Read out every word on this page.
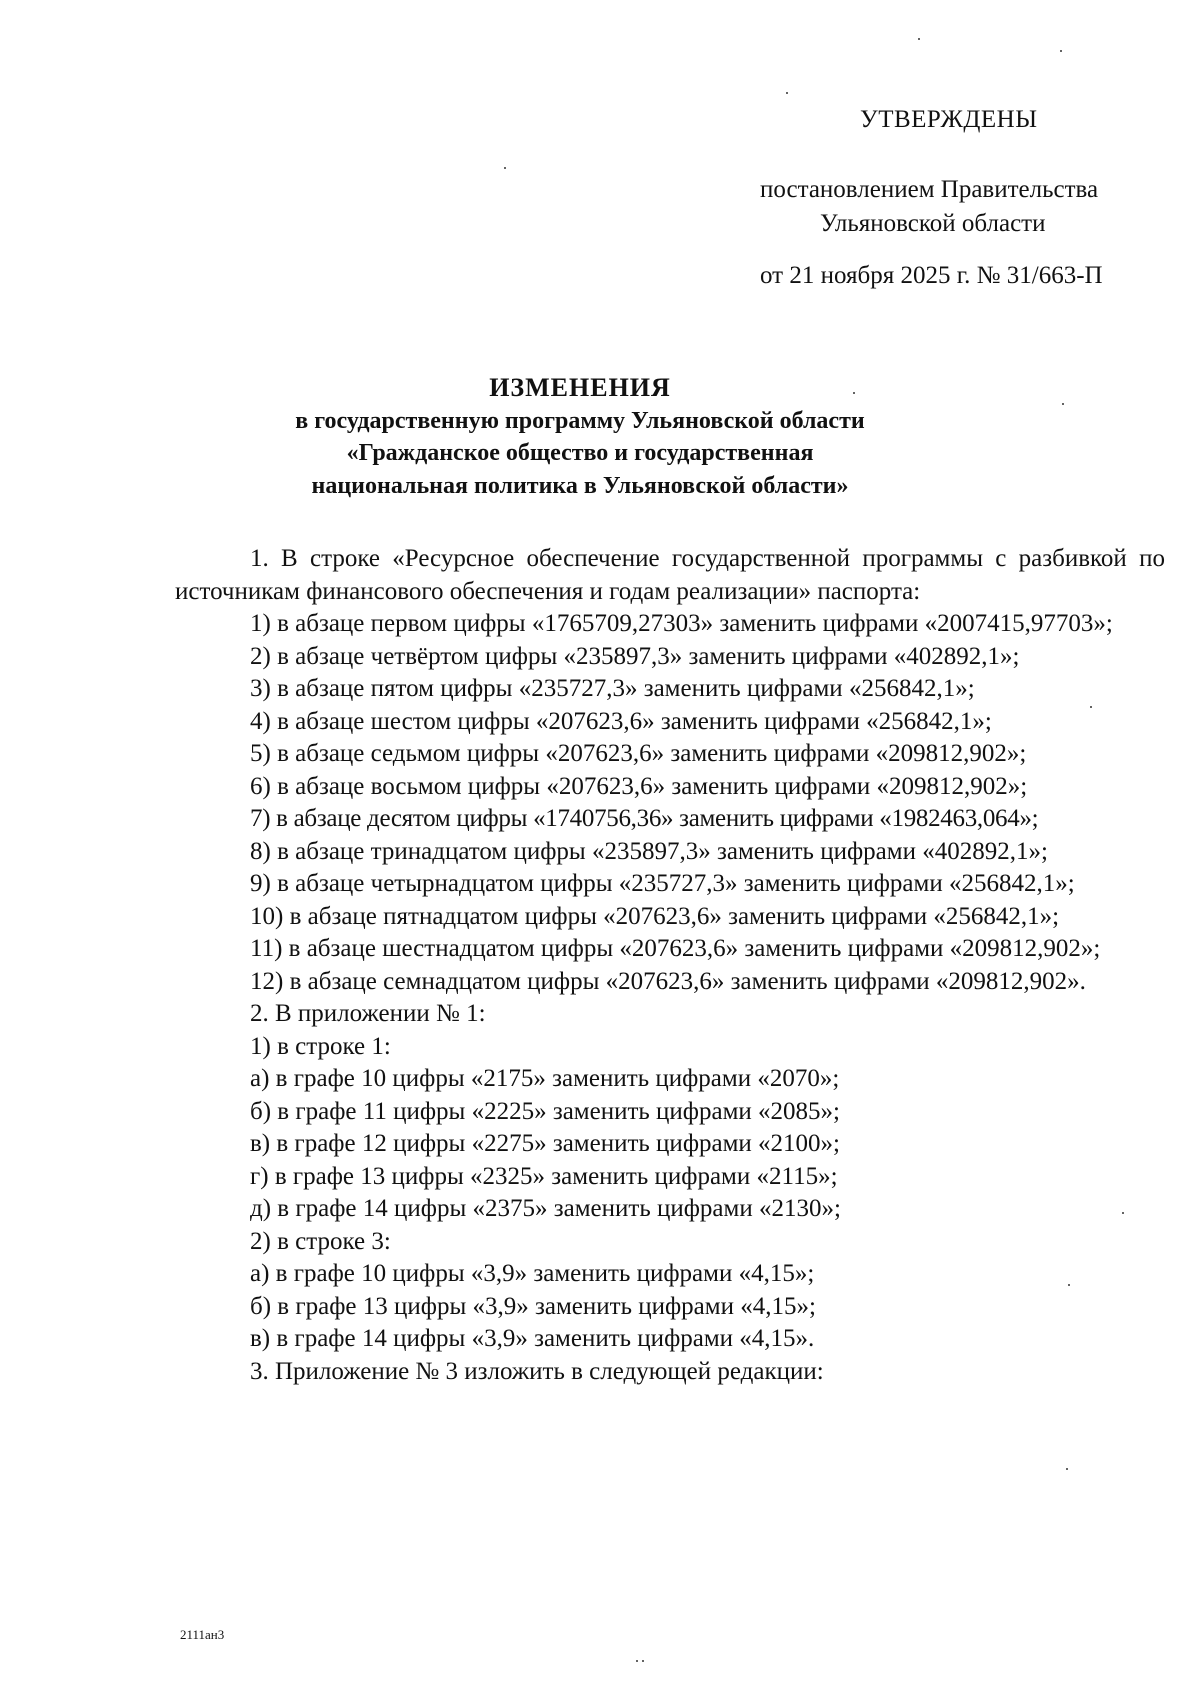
УТВЕРЖДЕНЫ
постановлением Правительства
Ульяновской области
от 21 ноября 2025 г. № 31/663-П
ИЗМЕНЕНИЯ
в государственную программу Ульяновской области
«Гражданское общество и государственная
национальная политика в Ульяновской области»

1. В строке «Ресурсное обеспечение государственной программы с разбивкой по источникам финансового обеспечения и годам реализации» паспорта:

1) в абзаце первом цифры «1765709,27303» заменить цифрами «2007415,97703»;

2) в абзаце четвёртом цифры «235897,3» заменить цифрами «402892,1»;

3) в абзаце пятом цифры «235727,3» заменить цифрами «256842,1»;

4) в абзаце шестом цифры «207623,6» заменить цифрами «256842,1»;

5) в абзаце седьмом цифры «207623,6» заменить цифрами «209812,902»;

6) в абзаце восьмом цифры «207623,6» заменить цифрами «209812,902»;

7) в абзаце десятом цифры «1740756,36» заменить цифрами «1982463,064»;

8) в абзаце тринадцатом цифры «235897,3» заменить цифрами «402892,1»;

9) в абзаце четырнадцатом цифры «235727,3» заменить цифрами «256842,1»;

10) в абзаце пятнадцатом цифры «207623,6» заменить цифрами «256842,1»;

11) в абзаце шестнадцатом цифры «207623,6» заменить цифрами «209812,902»;

12) в абзаце семнадцатом цифры «207623,6» заменить цифрами «209812,902».

2. В приложении № 1:

1) в строке 1:

а) в графе 10 цифры «2175» заменить цифрами «2070»;

б) в графе 11 цифры «2225» заменить цифрами «2085»;

в) в графе 12 цифры «2275» заменить цифрами «2100»;

г) в графе 13 цифры «2325» заменить цифрами «2115»;

д) в графе 14 цифры «2375» заменить цифрами «2130»;

2) в строке 3:

а) в графе 10 цифры «3,9» заменить цифрами «4,15»;

б) в графе 13 цифры «3,9» заменить цифрами «4,15»;

в) в графе 14 цифры «3,9» заменить цифрами «4,15».

3. Приложение № 3 изложить в следующей редакции:

2111ан3
